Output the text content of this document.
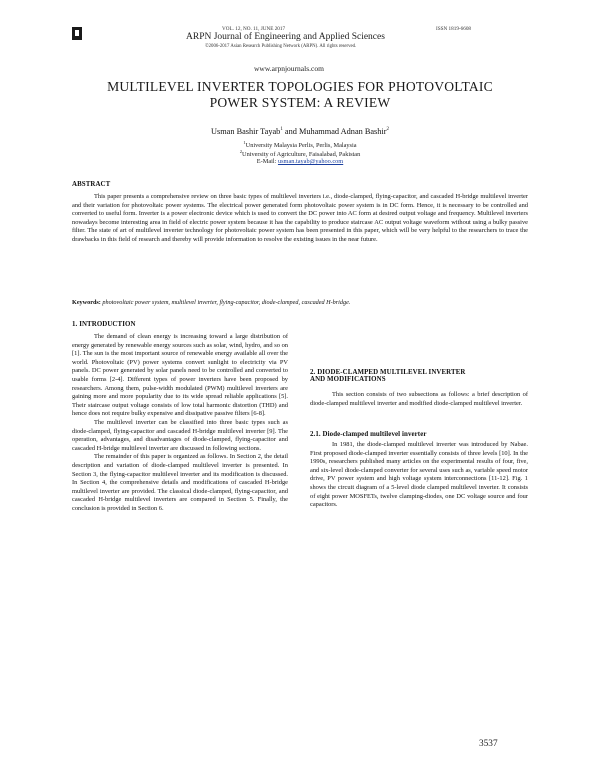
VOL. 12, NO. 11, JUNE 2017	ISSN 1819-6608
ARPN Journal of Engineering and Applied Sciences
©2006-2017 Asian Research Publishing Network (ARPN). All rights reserved.
www.arpnjournals.com
MULTILEVEL INVERTER TOPOLOGIES FOR PHOTOVOLTAIC
POWER SYSTEM: A REVIEW
Usman Bashir Tayab$^1$ and Muhammad Adnan Bashir$^2$
$^1$University Malaysia Perlis, Perlis, Malaysia
$^2$University of Agriculture, Faisalabad, Pakistan
E-Mail: usman.tayab@yahoo.com
ABSTRACT

This paper presents a comprehensive review on three basic types of multilevel inverters i.e., diode-clamped, flying-capacitor, and cascaded H-bridge multilevel inverter and their variation for photovoltaic power systems. The electrical power generated form photovoltaic power system is in DC form. Hence, it is necessary to be controlled and converted to useful form. Inverter is a power electronic device which is used to convert the DC power into AC form at desired output voltage and frequency. Multilevel inverters nowadays become interesting area in field of electric power system because it has the capability to produce staircase AC output voltage waveform without using a bulky passive filter. The state of art of multilevel inverter technology for photovoltaic power system has been presented in this paper, which will be very helpful to the researchers to trace the drawbacks in this field of research and thereby will provide information to resolve the existing issues in the near future.

Keywords: photovoltaic power system, multilevel inverter, flying-capacitor, diode-clamped, cascaded H-bridge.
1. INTRODUCTION

The demand of clean energy is increasing toward a large distribution of energy generated by renewable energy sources such as solar, wind, hydro, and so on [1]. The sun is the most important source of renewable energy available all over the world. Photovoltaic (PV) power systems convert sunlight to electricity via PV panels. DC power generated by solar panels need to be controlled and converted to usable forms [2-4]. Different types of power inverters have been proposed by researchers. Among them, pulse-width modulated (PWM) multilevel inverters are gaining more and more popularity due to its wide spread reliable applications [5]. Their staircase output voltage consists of low total harmonic distortion (THD) and hence does not require bulky expensive and dissipative passive filters [6-8].

The multilevel inverter can be classified into three basic types such as diode-clamped, flying-capacitor and cascaded H-bridge multilevel inverter [9]. The operation, advantages, and disadvantages of diode-clamped, flying-capacitor and cascaded H-bridge multilevel inverter are discussed in following sections.

The remainder of this paper is organized as follows. In Section 2, the detail description and variation of diode-clamped multilevel inverter is presented. In Section 3, the flying-capacitor multilevel inverter and its modification is discussed. In Section 4, the comprehensive details and modifications of cascaded H-bridge multilevel inverter are provided. The classical diode-clamped, flying-capacitor, and cascaded H-bridge multilevel inverters are compared in Section 5. Finally, the conclusion is provided in Section 6.

2. DIODE-CLAMPED MULTILEVEL INVERTER
AND MODIFICATIONS

This section consists of two subsections as follows: a brief description of diode-clamped multilevel inverter and modified diode-clamped multilevel inverter.

2.1. Diode-clamped multilevel inverter

In 1981, the diode-clamped multilevel inverter was introduced by Nabae. First proposed diode-clamped inverter essentially consists of three levels [10]. In the 1990s, researchers published many articles on the experimental results of four, five, and six-level diode-clamped converter for several uses such as, variable speed motor drive, PV power system and high voltage system interconnections [11-12]. Fig. 1 shows the circuit diagram of a 5-level diode clamped multilevel inverter. It consists of eight power MOSFETs, twelve clamping-diodes, one DC voltage source and four capacitors.

3537
